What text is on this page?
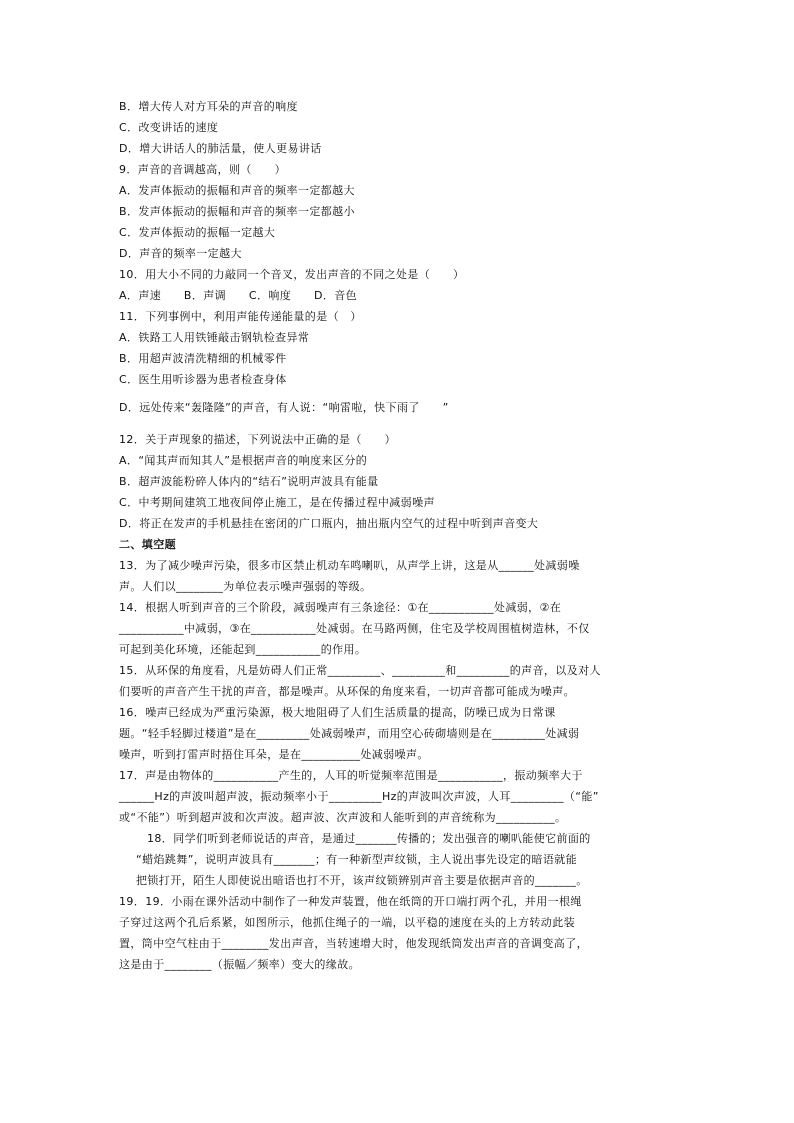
B．增大传人对方耳朵的声音的响度
C．改变讲话的速度
D．增大讲话人的肺活量，使人更易讲话
9．声音的音调越高，则（　　）
A．发声体振动的振幅和声音的频率一定都越大
B．发声体振动的振幅和声音的频率一定都越小
C．发声体振动的振幅一定越大
D．声音的频率一定越大
10．用大小不同的力敲同一个音叉，发出声音的不同之处是（　　）
A．声速　　B．声调　　C．响度　　D．音色
11．下列事例中，利用声能传递能量的是（　）
A．铁路工人用铁锤敲击钢轨检查异常
B．用超声波清洗精细的机械零件
C．医生用听诊器为患者检查身体
D．远处传来“轰隆隆”的声音，有人说：“响雷啦，快下雨了　　”
12．关于声现象的描述，下列说法中正确的是（　　）
A．“闻其声而知其人”是根据声音的响度来区分的
B．超声波能粉碎人体内的“结石”说明声波具有能量
C．中考期间建筑工地夜间停止施工，是在传播过程中减弱噪声
D．将正在发声的手机悬挂在密闭的广口瓶内，抽出瓶内空气的过程中听到声音变大
二、填空题
13．为了减少噪声污染，很多市区禁止机动车鸣喇叭，从声学上讲，这是从______处减弱噪
声。人们以________为单位表示噪声强弱的等级。
14．根据人听到声音的三个阶段，减弱噪声有三条途径：①在___________处减弱，②在
___________中减弱，③在___________处减弱。在马路两侧，住宅及学校周围植树造林，不仅
可起到美化环境，还能起到___________的作用。
15．从环保的角度看，凡是妨碍人们正常_________、_________和_________的声音，以及对人
们要听的声音产生干扰的声音，都是噪声。从环保的角度来看，一切声音都可能成为噪声。
16．噪声已经成为严重污染源，极大地阻碍了人们生活质量的提高，防噪已成为日常课
题。“轻手轻脚过楼道”是在_________处减弱噪声，而用空心砖砌墙则是在_________处减弱
噪声，听到打雷声时捂住耳朵，是在__________处减弱噪声。
17．声是由物体的___________产生的，人耳的听觉频率范围是___________，振动频率大于
______Hz的声波叫超声波，振动频率小于_________Hz的声波叫次声波，人耳_________（“能”
或“不能”）听到超声波和次声波。超声波、次声波和人能听到的声音统称为__________。
18．同学们听到老师说话的声音，是通过_______传播的；发出强音的喇叭能使它前面的
“蜡焰跳舞”，说明声波具有_______；有一种新型声纹锁，主人说出事先设定的暗语就能
把锁打开，陌生人即使说出暗语也打不开，该声纹锁辨别声音主要是依据声音的_______。
19．19．小雨在课外活动中制作了一种发声装置，他在纸筒的开口端打两个孔，并用一根绳
子穿过这两个孔后系紧，如图所示，他抓住绳子的一端，以平稳的速度在头的上方转动此装
置，筒中空气柱由于________发出声音，当转速增大时，他发现纸筒发出声音的音调变高了，
这是由于________（振幅／频率）变大的缘故。
